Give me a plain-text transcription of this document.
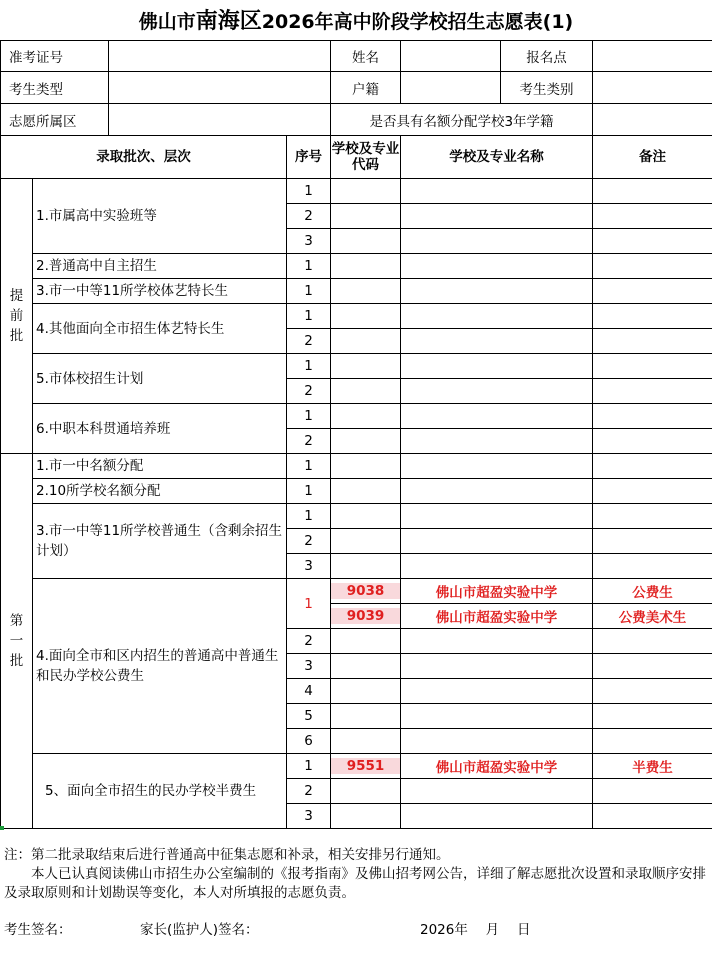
佛山市南海区2026年高中阶段学校招生志愿表(1)
准考证号				姓名		报名点	
考生类型				户籍		考生类别	
志愿所属区				是否具有名额分配学校3年学籍			
录取批次、层次			序号	学校及专业代码	学校及专业名称		备注

提前批	1.市属高中实验班等		1				
			2				
			3				
	2.普通高中自主招生		1				
	3.市一中等11所学校体艺特长生		1				
	4.其他面向全市招生体艺特长生		1				
			2				
	5.市体校招生计划		1				
			2				
	6.中职本科贯通培养班		1				
			2				

第一批	1.市一中名额分配		1				
	2.10所学校名额分配		1				
	3.市一中等11所学校普通生（含剩余招生计划）		1				
			2				
			3				
	4.面向全市和区内招生的普通高中普通生和民办学校公费生		1	9038	佛山市超盈实验中学		公费生

				9039	佛山市超盈实验中学		公费美术生
			2				
			3				
			4				
			5				
			6				
	5、面向全市招生的民办学校半费生		1	9551	佛山市超盈实验中学		半费生
			2				
			3				

注：第二批录取结束后进行普通高中征集志愿和补录，相关安排另行通知。

本人已认真阅读佛山市招生办公室编制的《报考指南》及佛山招考网公告，详细了解志愿批次设置和录取顺序安排及录取原则和计划勘误等变化，本人对所填报的志愿负责。

考生签名：	家长(监护人)签名：	2026年　 月　 日
